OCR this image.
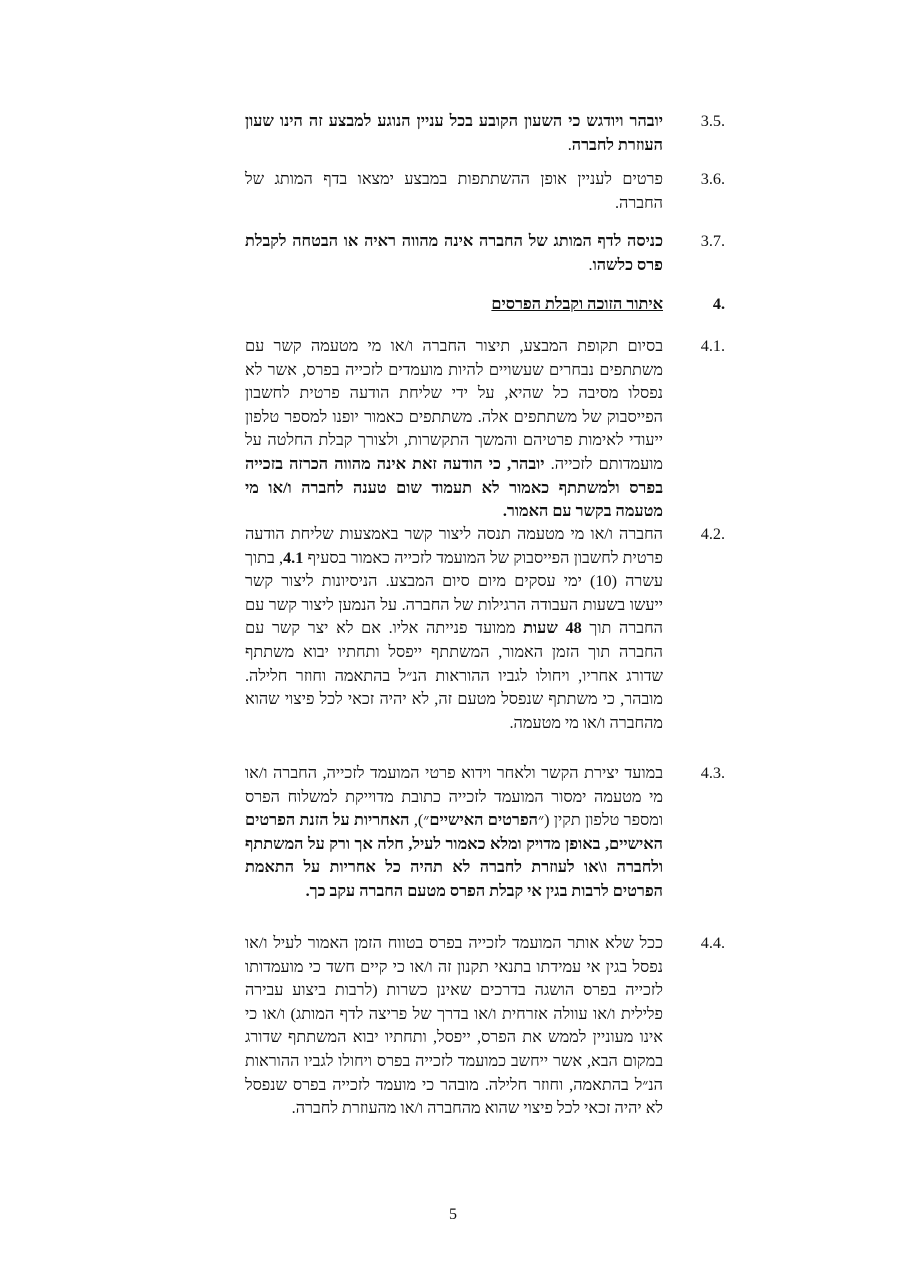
3.5.
יובהר ויודגש כי השעון הקובע בכל עניין הנוגע למבצע זה הינו שעון העוזרת לחברה.
3.6.
פרטים לעניין אופן ההשתתפות במבצע ימצאו בדף המותג של החברה.
3.7.
כניסה לדף המותג של החברה אינה מהווה ראיה או הבטחה לקבלת פרס כלשהו.
4.
איתור הזוכה וקבלת הפרסים
4.1.
בסיום תקופת המבצע, תיצור החברה ו/או מי מטעמה קשר עם משתתפים נבחרים שעשויים להיות מועמדים לזכייה בפרס, אשר לא נפסלו מסיבה כל שהיא, על ידי שליחת הודעה פרטית לחשבון הפייסבוק של משתתפים אלה. משתתפים כאמור יופנו למספר טלפון ייעודי לאימות פרטיהם והמשך התקשרות, ולצורך קבלת החלטה על מועמדותם לזכייה. יובהר, כי הודעה זאת אינה מהווה הכרזה בזכייה בפרס ולמשתתף כאמור לא תעמוד שום טענה לחברה ו/או מי מטעמה בקשר עם האמור.
4.2.
החברה ו/או מי מטעמה תנסה ליצור קשר באמצעות שליחת הודעה פרטית לחשבון הפייסבוק של המועמד לזכייה כאמור בסעיף 4.1, בתוך עשרה (10) ימי עסקים מיום סיום המבצע. הניסיונות ליצור קשר ייעשו בשעות העבודה הרגילות של החברה. על הנמען ליצור קשר עם החברה תוך 48 שעות ממועד פנייתה אליו. אם לא יצר קשר עם החברה תוך הזמן האמור, המשתתף ייפסל ותחתיו יבוא משתתף שדורג אחריו, ויחולו לגביו ההוראות הנ״ל בהתאמה וחוזר חלילה. מובהר, כי משתתף שנפסל מטעם זה, לא יהיה זכאי לכל פיצוי שהוא מהחברה ו/או מי מטעמה.
4.3.
במועד יצירת הקשר ולאחר וידוא פרטי המועמד לזכייה, החברה ו/או מי מטעמה ימסור המועמד לזכייה כתובת מדוייקת למשלוח הפרס ומספר טלפון תקין (״הפרטים האישיים״), האחריות על הזנת הפרטים האישיים, באופן מדויק ומלא כאמור לעיל, חלה אך ורק על המשתתף ולחברה ו\או לעוזרת לחברה לא תהיה כל אחריות על התאמת הפרטים לרבות בגין אי קבלת הפרס מטעם החברה עקב כך.
4.4.
ככל שלא אותר המועמד לזכייה בפרס בטווח הזמן האמור לעיל ו/או נפסל בגין אי עמידתו בתנאי תקנון זה ו/או כי קיים חשד כי מועמדותו לזכייה בפרס הושגה בדרכים שאינן כשרות (לרבות ביצוע עבירה פלילית ו/או עוולה אזרחית ו/או בדרך של פריצה לדף המותג) ו/או כי אינו מעוניין לממש את הפרס, ייפסל, ותחתיו יבוא המשתתף שדורג במקום הבא, אשר ייחשב כמועמד לזכייה בפרס ויחולו לגביו ההוראות הנ״ל בהתאמה, וחוזר חלילה. מובהר כי מועמד לזכייה בפרס שנפסל לא יהיה זכאי לכל פיצוי שהוא מהחברה ו/או מהעוזרת לחברה.
5
